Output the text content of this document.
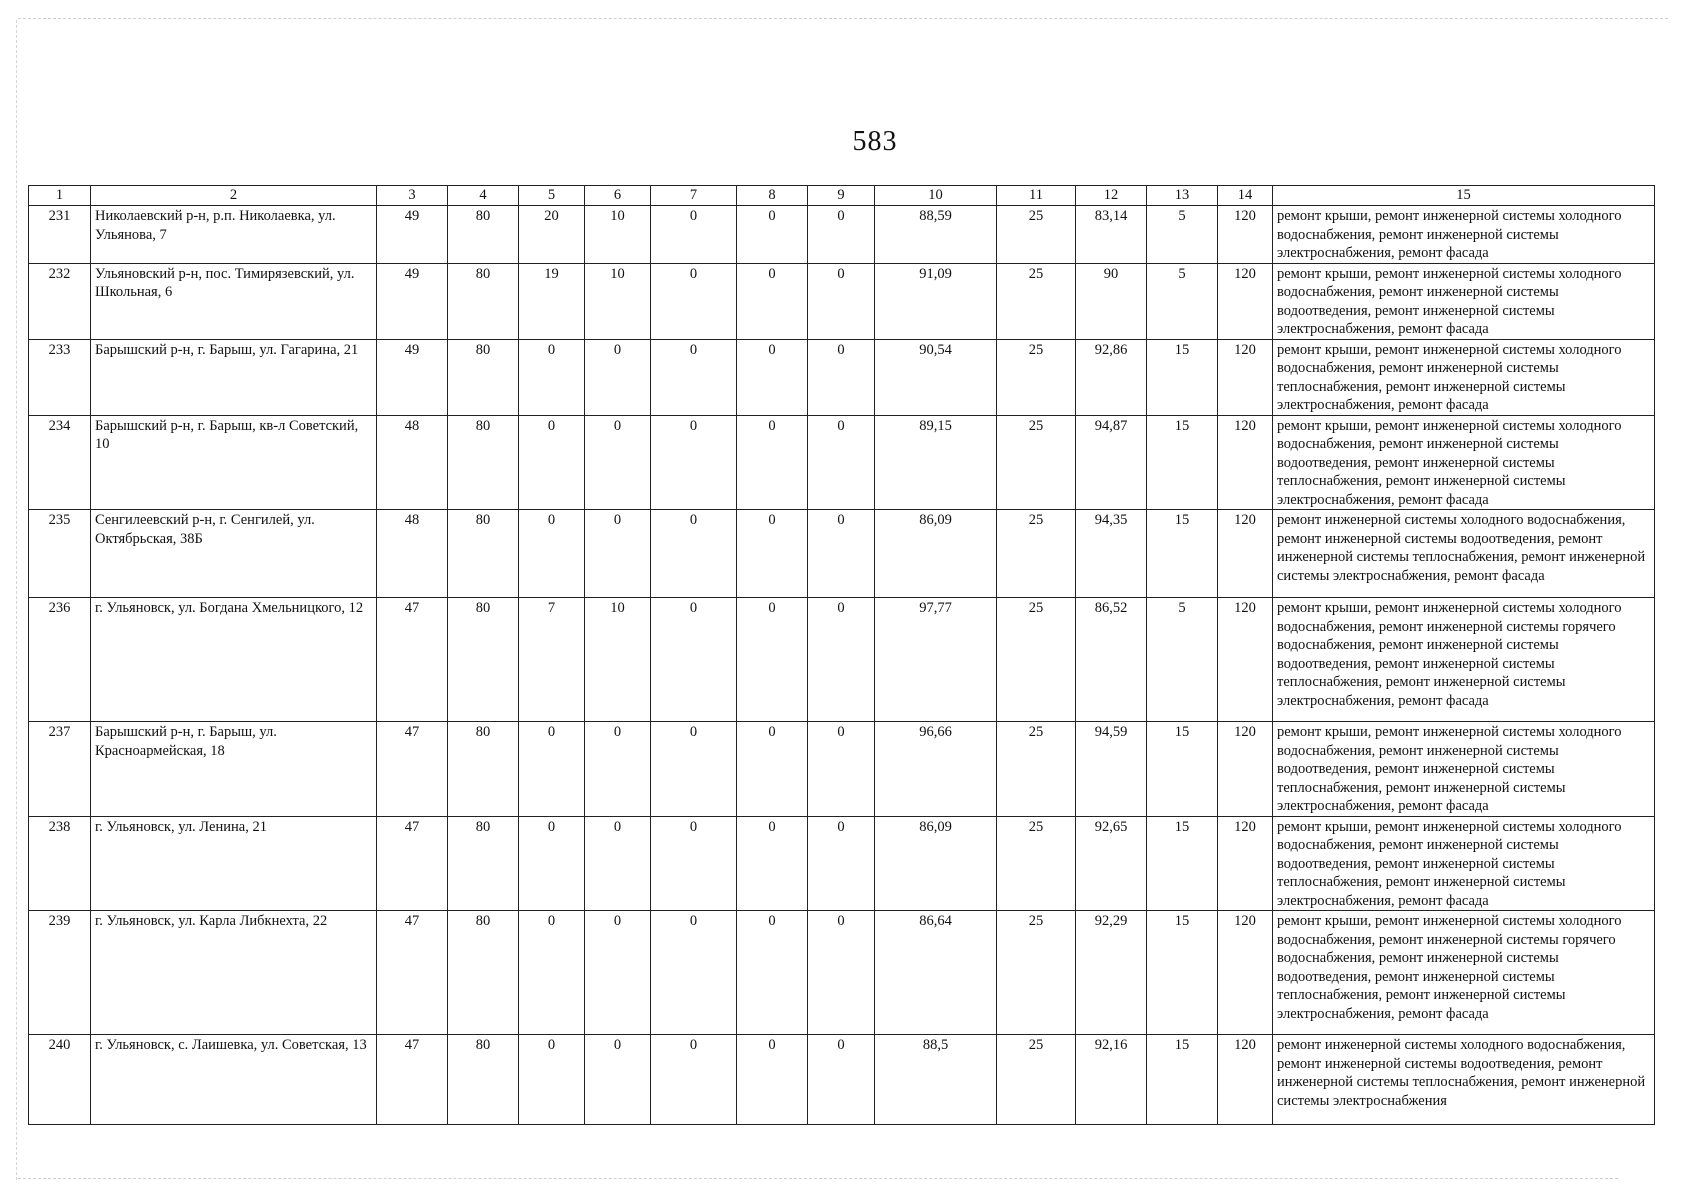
583
1	2	3	4	5	6	7	8	9	10	11	12	13	14	15
231	Николаевский р-н, р.п. Николаевка, ул. Ульянова, 7	49	80	20	10	0	0	0	88,59	25	83,14	5	120	ремонт крыши, ремонт инженерной системы холодного водоснабжения, ремонт инженерной системы электроснабжения, ремонт фасада
232	Ульяновский р-н, пос. Тимирязевский, ул. Школьная, 6	49	80	19	10	0	0	0	91,09	25	90	5	120	ремонт крыши, ремонт инженерной системы холодного водоснабжения, ремонт инженерной системы водоотведения, ремонт инженерной системы электроснабжения, ремонт фасада
233	Барышский р-н, г. Барыш, ул. Гагарина, 21	49	80	0	0	0	0	0	90,54	25	92,86	15	120	ремонт крыши, ремонт инженерной системы холодного водоснабжения, ремонт инженерной системы теплоснабжения, ремонт инженерной системы электроснабжения, ремонт фасада
234	Барышский р-н, г. Барыш, кв-л Советский, 10	48	80	0	0	0	0	0	89,15	25	94,87	15	120	ремонт крыши, ремонт инженерной системы холодного водоснабжения, ремонт инженерной системы водоотведения, ремонт инженерной системы теплоснабжения, ремонт инженерной системы электроснабжения, ремонт фасада
235	Сенгилеевский р-н, г. Сенгилей, ул. Октябрьская, 38Б	48	80	0	0	0	0	0	86,09	25	94,35	15	120	ремонт инженерной системы холодного водоснабжения, ремонт инженерной системы водоотведения, ремонт инженерной системы теплоснабжения, ремонт инженерной системы электроснабжения, ремонт фасада
236	г. Ульяновск, ул. Богдана Хмельницкого, 12	47	80	7	10	0	0	0	97,77	25	86,52	5	120	ремонт крыши, ремонт инженерной системы холодного водоснабжения, ремонт инженерной системы горячего водоснабжения, ремонт инженерной системы водоотведения, ремонт инженерной системы теплоснабжения, ремонт инженерной системы электроснабжения, ремонт фасада
237	Барышский р-н, г. Барыш, ул. Красноармейская, 18	47	80	0	0	0	0	0	96,66	25	94,59	15	120	ремонт крыши, ремонт инженерной системы холодного водоснабжения, ремонт инженерной системы водоотведения, ремонт инженерной системы теплоснабжения, ремонт инженерной системы электроснабжения, ремонт фасада
238	г. Ульяновск, ул. Ленина, 21	47	80	0	0	0	0	0	86,09	25	92,65	15	120	ремонт крыши, ремонт инженерной системы холодного водоснабжения, ремонт инженерной системы водоотведения, ремонт инженерной системы теплоснабжения, ремонт инженерной системы электроснабжения, ремонт фасада
239	г. Ульяновск, ул. Карла Либкнехта, 22	47	80	0	0	0	0	0	86,64	25	92,29	15	120	ремонт крыши, ремонт инженерной системы холодного водоснабжения, ремонт инженерной системы горячего водоснабжения, ремонт инженерной системы водоотведения, ремонт инженерной системы теплоснабжения, ремонт инженерной системы электроснабжения, ремонт фасада
240	г. Ульяновск, с. Лаишевка, ул. Советская, 13	47	80	0	0	0	0	0	88,5	25	92,16	15	120	ремонт инженерной системы холодного водоснабжения, ремонт инженерной системы водоотведения, ремонт инженерной системы теплоснабжения, ремонт инженерной системы электроснабжения
